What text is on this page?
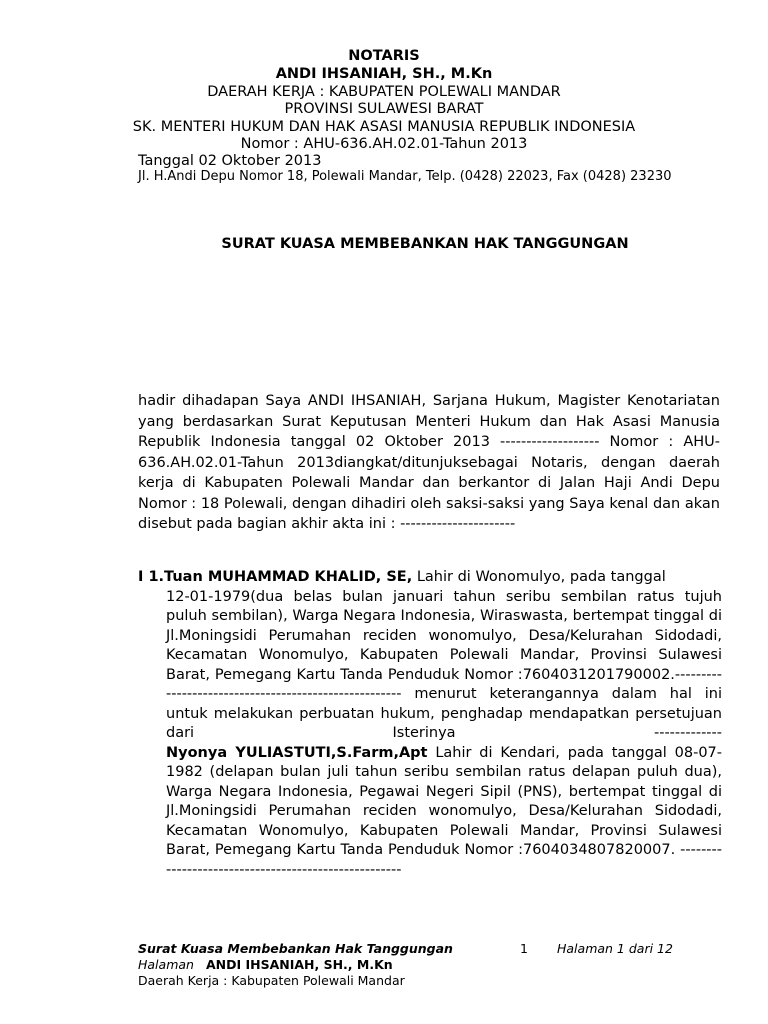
NOTARIS
ANDI IHSANIAH, SH., M.Kn
DAERAH KERJA : KABUPATEN POLEWALI MANDAR
PROVINSI SULAWESI BARAT
SK. MENTERI HUKUM DAN HAK ASASI MANUSIA REPUBLIK INDONESIA
Nomor : AHU-636.AH.02.01-Tahun 2013
Tanggal 02 Oktober 2013
Jl. H.Andi Depu Nomor 18, Polewali Mandar, Telp. (0428) 22023, Fax (0428) 23230
SURAT KUASA MEMBEBANKAN HAK TANGGUNGAN
hadir dihadapan Saya ANDI IHSANIAH, Sarjana Hukum, Magister Kenotariatan yang berdasarkan Surat Keputusan Menteri Hukum dan Hak Asasi Manusia Republik Indonesia tanggal 02 Oktober 2013 ------------------- Nomor : AHU-636.AH.02.01-Tahun 2013diangkat/ditunjuksebagai Notaris, dengan daerah kerja di Kabupaten Polewali Mandar dan berkantor di Jalan Haji Andi Depu Nomor : 18 Polewali, dengan dihadiri oleh saksi-saksi yang Saya kenal dan akan disebut pada bagian akhir akta ini : ----------------------
I 1.Tuan MUHAMMAD KHALID, SE, Lahir di Wonomulyo, pada tanggal
12-01-1979(dua belas bulan januari tahun seribu sembilan ratus tujuh puluh sembilan), Warga Negara Indonesia, Wiraswasta, bertempat tinggal di Jl.Moningsidi Perumahan reciden wonomulyo, Desa/Kelurahan Sidodadi, Kecamatan Wonomulyo, Kabupaten Polewali Mandar, Provinsi Sulawesi Barat, Pemegang Kartu Tanda Penduduk Nomor :7604031201790002.------------------------------------------------------ menurut keterangannya dalam hal ini untuk melakukan perbuatan hukum, penghadap mendapatkan persetujuan dari Isterinya ------------- Nyonya YULIASTUTI,S.Farm,Apt Lahir di Kendari, pada tanggal 08-07-1982 (delapan bulan juli tahun seribu sembilan ratus delapan puluh dua), Warga Negara Indonesia, Pegawai Negeri Sipil (PNS), bertempat tinggal di Jl.Moningsidi Perumahan reciden wonomulyo, Desa/Kelurahan Sidodadi, Kecamatan Wonomulyo, Kabupaten Polewali Mandar, Provinsi Sulawesi Barat, Pemegang Kartu Tanda Penduduk Nomor :7604034807820007. -----------------------------------------------------
Surat Kuasa Membebankan Hak Tanggungan	1 Halaman 1 dari 12
Halaman ANDI IHSANIAH, SH., M.Kn
Daerah Kerja : Kabupaten Polewali Mandar
